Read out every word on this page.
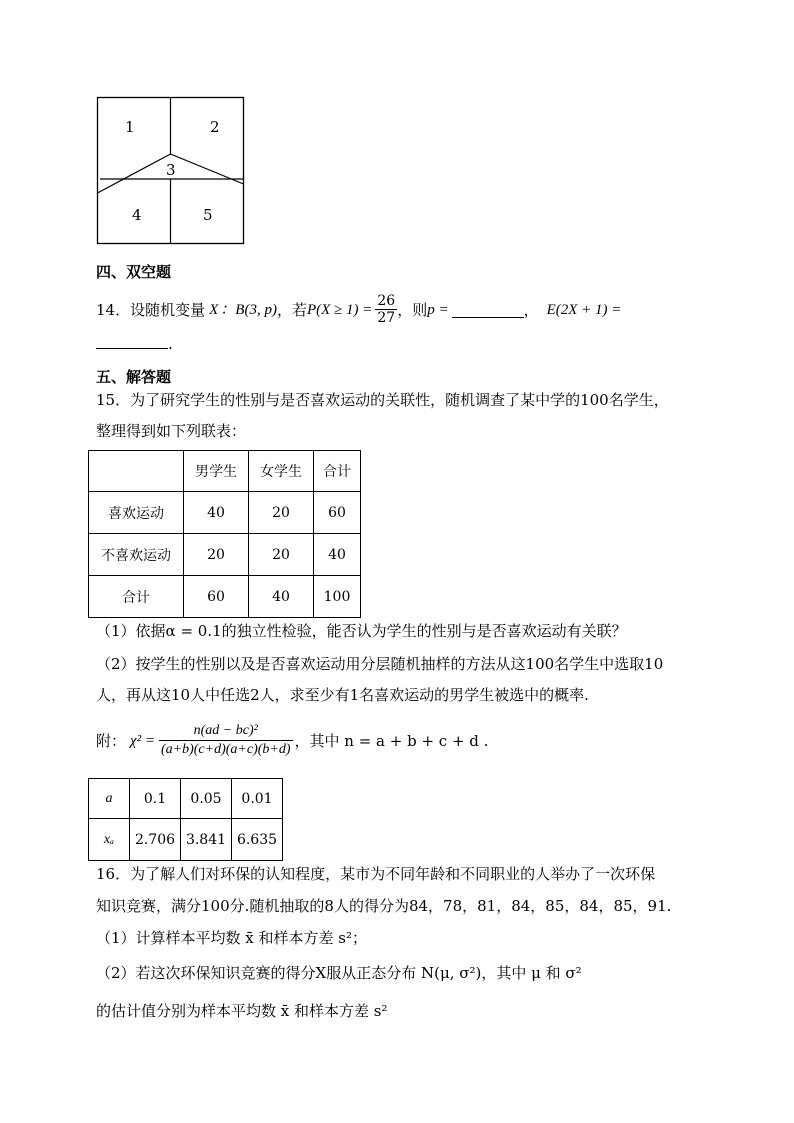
1	2
3
4	5
四、双空题
14． 设随机变量 X ：B(3, p) ，若 $P(X \ge 1) = \frac{26}{27}$ ，则 p =	， E(2X + 1) =
.
五、解答题
15．为了研究学生的性别与是否喜欢运动的关联性，随机调查了某中学的100名学生，
整理得到如下列联表：
	男学生	女学生	合计
喜欢运动	40	20	60
不喜欢运动	20	20	40
合计	60	40	100
（1）依据α = 0.1的独立性检验，能否认为学生的性别与是否喜欢运动有关联？
（2）按学生的性别以及是否喜欢运动用分层随机抽样的方法从这100名学生中选取10
人，再从这10人中任选2人，求至少有1名喜欢运动的男学生被选中的概率.
附： $\chi^2 = \frac{\text{n(ad − bc)²}}{(a+b)(c+d)(a+c)(b+d)}$ ，其中 n = a + b + c + d .
a	0.1	0.05	0.01
xₐ	2.706	3.841	6.635
16．为了解人们对环保的认知程度，某市为不同年龄和不同职业的人举办了一次环保
知识竞赛，满分100分.随机抽取的8人的得分为84，78，81，84，85，84，85，91.
（1）计算样本平均数 x̄ 和样本方差 s²；
（2）若这次环保知识竞赛的得分X服从正态分布 N(μ, σ²)，其中 μ 和 σ²
的估计值分别为样本平均数 x̄ 和样本方差 s²
